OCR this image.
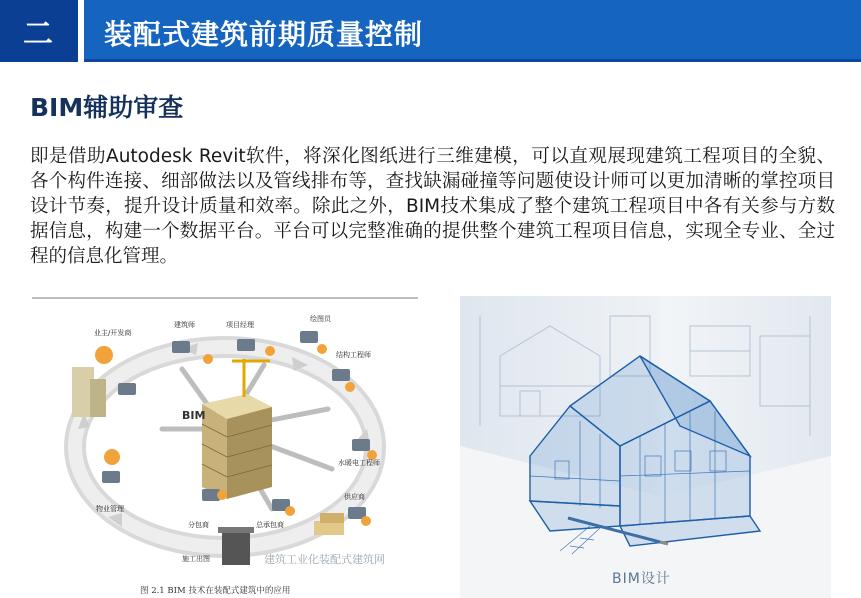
二 装配式建筑前期质量控制
BIM辅助审查

即是借助Autodesk Revit软件，将深化图纸进行三维建模，可以直观展现建筑工程项目的全貌、各个构件连接、细部做法以及管线排布等，查找缺漏碰撞等问题使设计师可以更加清晰的掌控项目设计节奏，提升设计质量和效率。除此之外，BIM技术集成了整个建筑工程项目中各有关参与方数据信息，构建一个数据平台。平台可以完整准确的提供整个建筑工程项目信息，实现全专业、全过程的信息化管理。

BIM
业主/开发商
建筑师	项目经理
绘图员
结构工程师
水暖电工程师
供应商
总承包商
分包商
施工出图
物业管理
建筑工业化装配式建筑网
图 2.1 BIM 技术在装配式建筑中的应用
BIM设计
